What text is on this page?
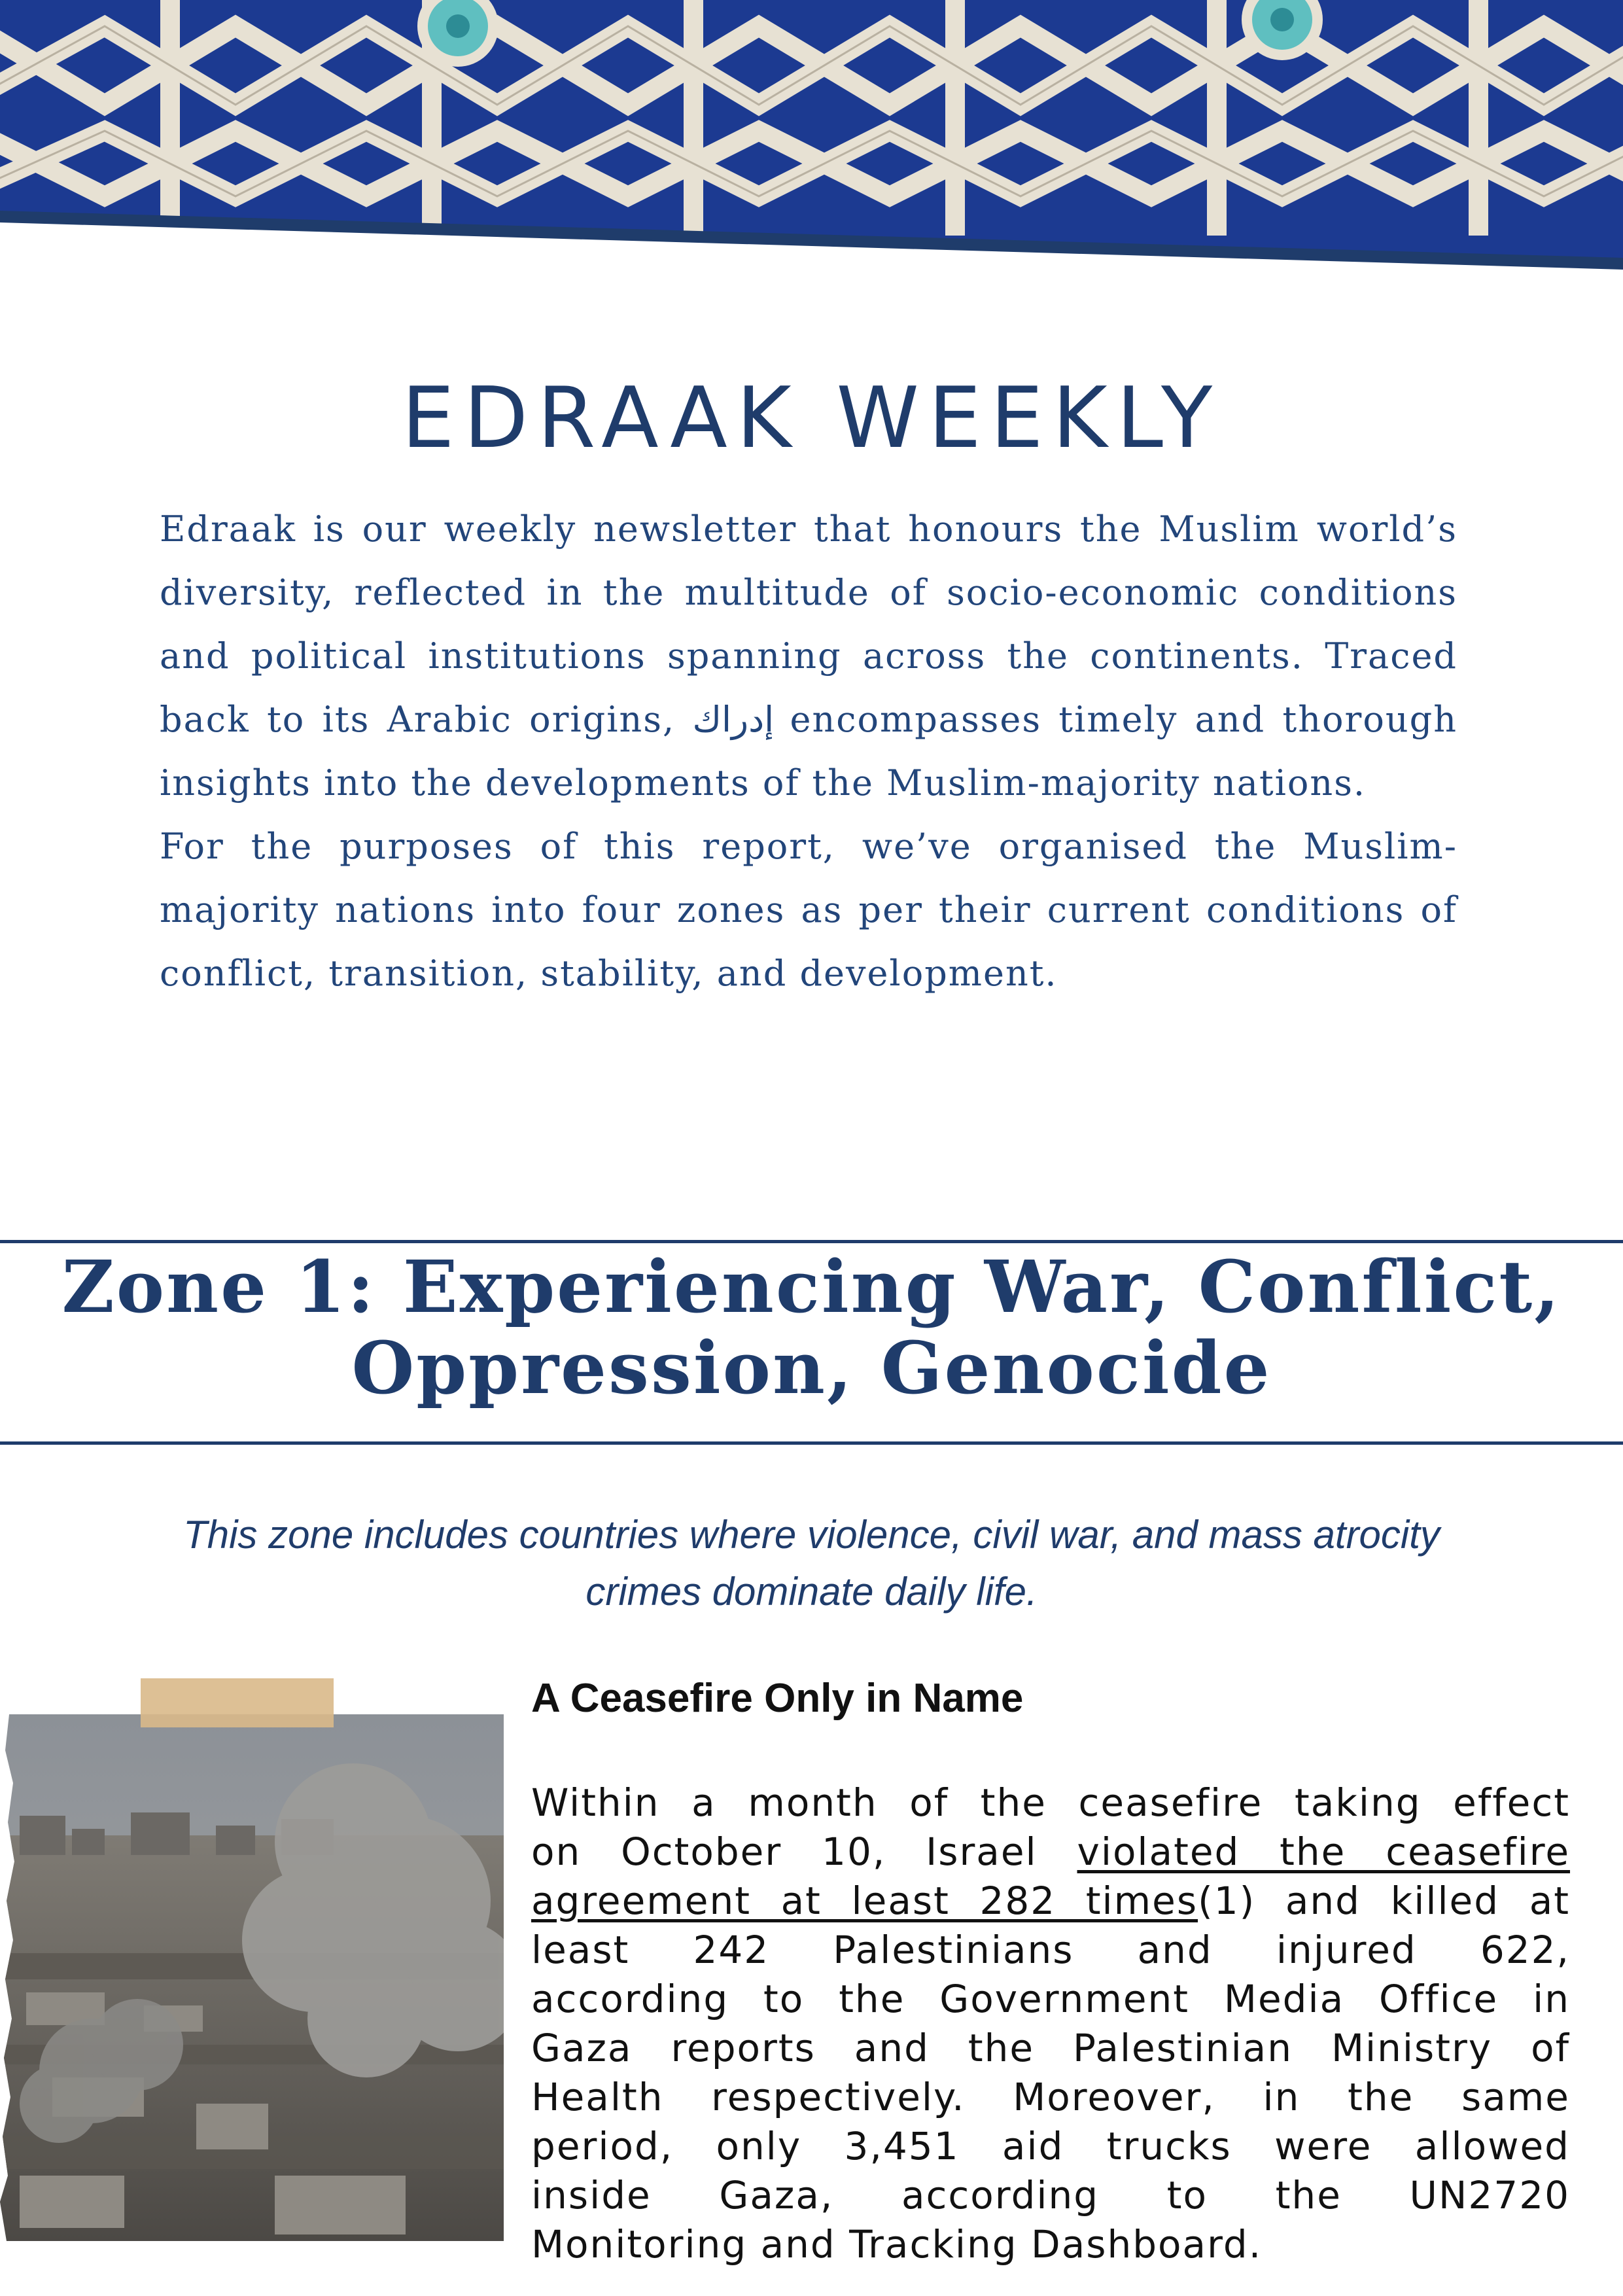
EDRAAK WEEKLY
Edraak is our weekly newsletter that honours the Muslim world’s
diversity, reflected in the multitude of socio-economic conditions
and political institutions spanning across the continents. Traced
back to its Arabic origins, إدراك encompasses timely and thorough
insights into the developments of the Muslim-majority nations.
For the purposes of this report, we’ve organised the Muslim-
majority nations into four zones as per their current conditions of
conflict, transition, stability, and development.
Zone 1: Experiencing War, Conflict,
Oppression, Genocide

This zone includes countries where violence, civil war, and mass atrocity
crimes dominate daily life.

A Ceasefire Only in Name
Within a month of the ceasefire taking effect
on October 10, Israel violated the ceasefire
agreement at least 282 times(1) and killed at
least 242 Palestinians and injured 622,
according to the Government Media Office in
Gaza reports and the Palestinian Ministry of
Health respectively. Moreover, in the same
period, only 3,451 aid trucks were allowed
inside Gaza, according to the UN2720
Monitoring and Tracking Dashboard.
